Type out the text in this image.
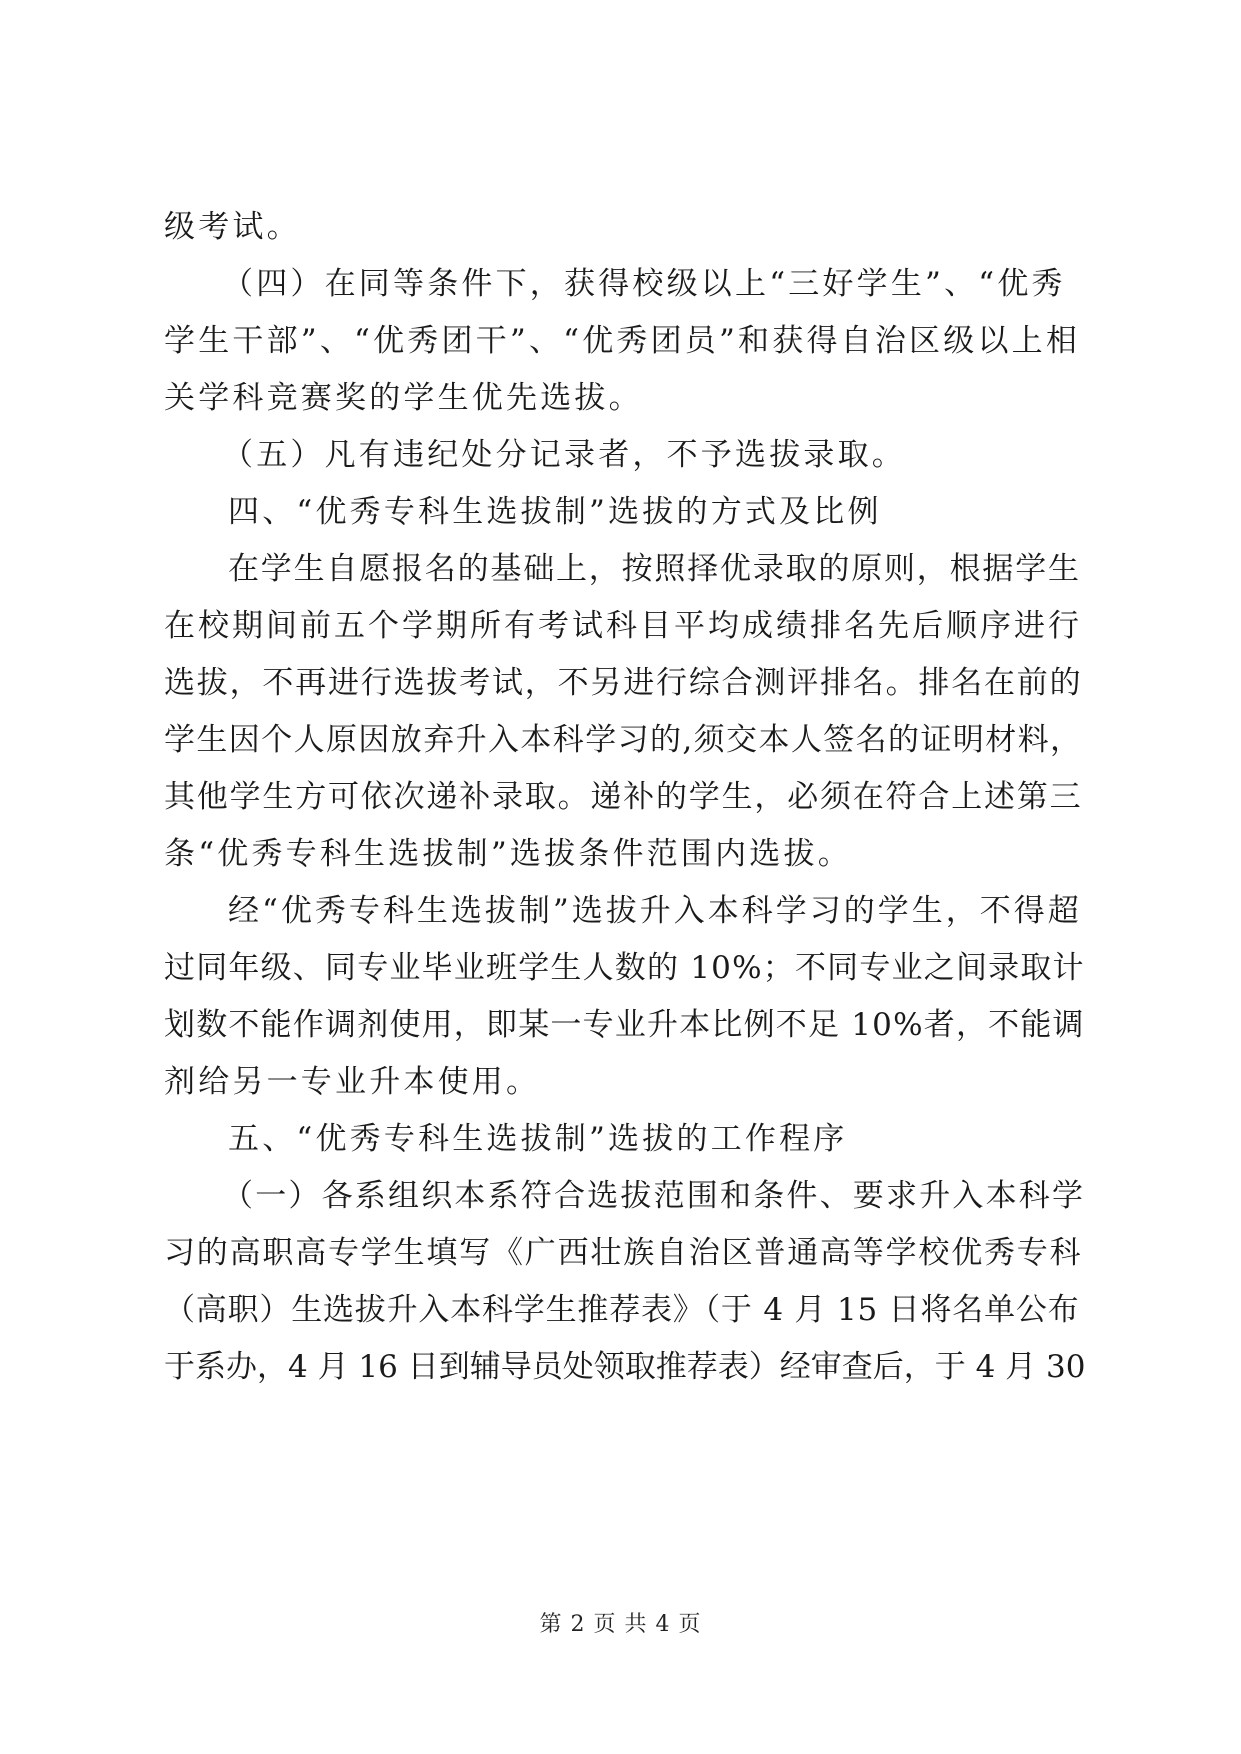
级考试。
（四）在同等条件下，获得校级以上“三好学生”、“优秀
学生干部”、“优秀团干”、“优秀团员”和获得自治区级以上相
关学科竞赛奖的学生优先选拔。
（五）凡有违纪处分记录者，不予选拔录取。
四、“优秀专科生选拔制”选拔的方式及比例
在学生自愿报名的基础上，按照择优录取的原则，根据学生
在校期间前五个学期所有考试科目平均成绩排名先后顺序进行
选拔，不再进行选拔考试，不另进行综合测评排名。排名在前的
学生因个人原因放弃升入本科学习的,须交本人签名的证明材料，
其他学生方可依次递补录取。递补的学生，必须在符合上述第三
条“优秀专科生选拔制”选拔条件范围内选拔。
经“优秀专科生选拔制”选拔升入本科学习的学生，不得超
过同年级、同专业毕业班学生人数的 10%；不同专业之间录取计
划数不能作调剂使用，即某一专业升本比例不足 10%者，不能调
剂给另一专业升本使用。
五、“优秀专科生选拔制”选拔的工作程序
（一）各系组织本系符合选拔范围和条件、要求升入本科学
习的高职高专学生填写《广西壮族自治区普通高等学校优秀专科
（高职）生选拔升入本科学生推荐表》（于 4 月 15 日将名单公布
于系办，4 月 16 日到辅导员处领取推荐表）经审查后，于 4 月 30
第 2 页 共 4 页
